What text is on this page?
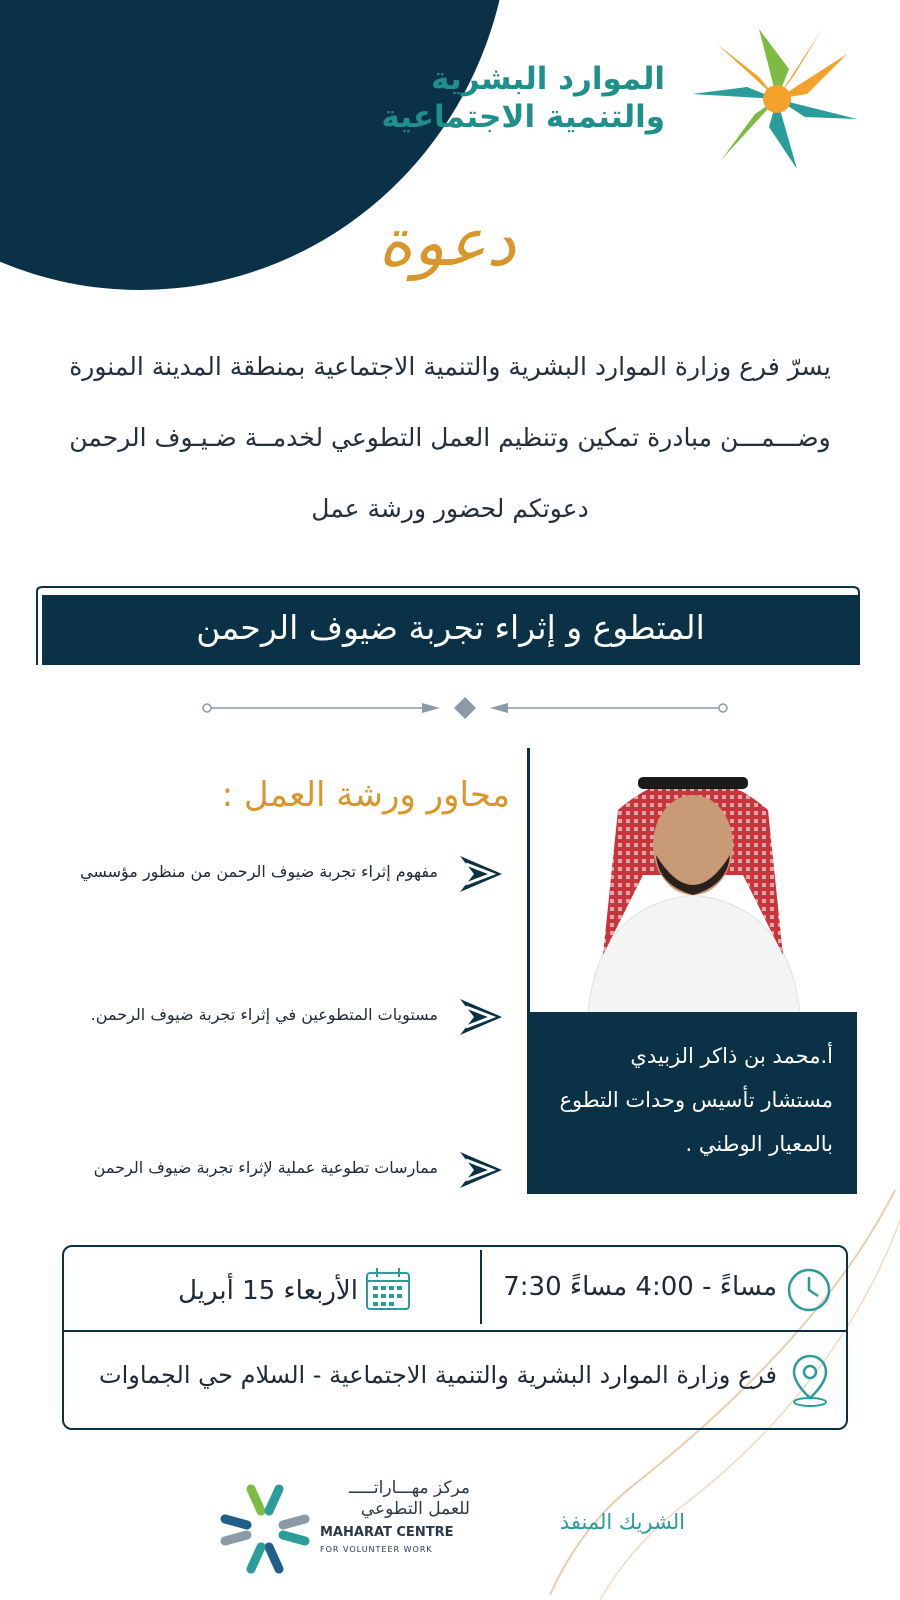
الموارد البشرية
والتنمية الاجتماعية
دعوة
يسرّ فرع وزارة الموارد البشرية والتنمية الاجتماعية بمنطقة المدينة المنورة
وضـــمـــن مبادرة تمكين وتنظيم العمل التطوعي لخدمــة ضـيـوف الرحمن
دعوتكم لحضور ورشة عمل
المتطوع و إثراء تجربة ضيوف الرحمن
أ.محمد بن ذاكر الزبيدي
مستشار تأسيس وحدات التطوع
بالمعيار الوطني .
محاور ورشة العمل :
مفهوم إثراء تجربة ضيوف الرحمن من منظور مؤسسي
مستويات المتطوعين في إثراء تجربة ضيوف الرحمن.
ممارسات تطوعية عملية لإثراء تجربة ضيوف الرحمن
مساءً - 4:00 مساءً 7:30
الأربعاء 15 أبريل
فرع وزارة الموارد البشرية والتنمية الاجتماعية - السلام حي الجماوات
مركز مهـــاراتـــــ
للعمل التطوعي
MAHARAT CENTRE
FOR VOLUNTEER WORK
الشريك المنفذ
